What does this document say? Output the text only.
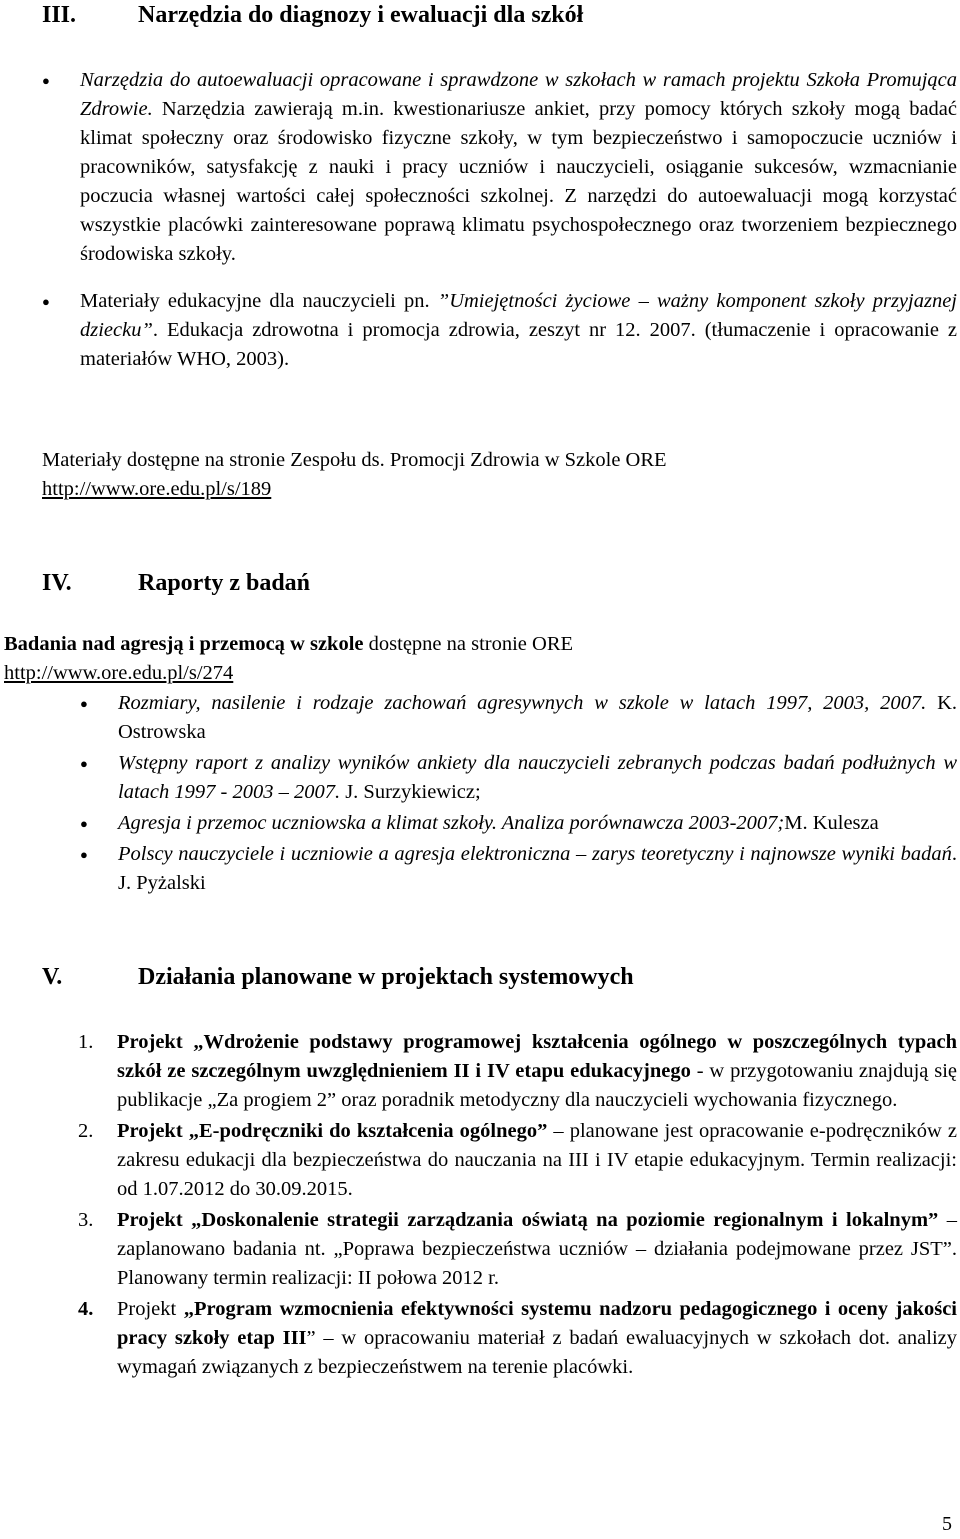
III.	Narzędzia do diagnozy i ewaluacji dla szkół
● Narzędzia do autoewaluacji opracowane i sprawdzone w szkołach w ramach projektu Szkoła Promująca Zdrowie. Narzędzia zawierają m.in. kwestionariusze ankiet, przy pomocy których szkoły mogą badać klimat społeczny oraz środowisko fizyczne szkoły, w tym bezpieczeństwo i samopoczucie uczniów i pracowników, satysfakcję z nauki i pracy uczniów i nauczycieli, osiąganie sukcesów, wzmacnianie poczucia własnej wartości całej społeczności szkolnej. Z narzędzi do autoewaluacji mogą korzystać wszystkie placówki zainteresowane poprawą klimatu psychospołecznego oraz tworzeniem bezpiecznego środowiska szkoły.
● Materiały edukacyjne dla nauczycieli pn. ”Umiejętności życiowe – ważny komponent szkoły przyjaznej dziecku”. Edukacja zdrowotna i promocja zdrowia, zeszyt nr 12. 2007. (tłumaczenie i opracowanie z materiałów WHO, 2003).

Materiały dostępne na stronie Zespołu ds. Promocji Zdrowia w Szkole ORE
http://www.ore.edu.pl/s/189

IV.	Raporty z badań

Badania nad agresją i przemocą w szkole dostępne na stronie ORE
http://www.ore.edu.pl/s/274

● Rozmiary, nasilenie i rodzaje zachowań agresywnych w szkole w latach 1997, 2003, 2007. K. Ostrowska
● Wstępny raport z analizy wyników ankiety dla nauczycieli zebranych podczas badań podłużnych w latach 1997 - 2003 – 2007. J. Surzykiewicz;
● Agresja i przemoc uczniowska a klimat szkoły. Analiza porównawcza 2003-2007;M. Kulesza
● Polscy nauczyciele i uczniowie a agresja elektroniczna – zarys teoretyczny i najnowsze wyniki badań. J. Pyżalski
V.	Działania planowane w projektach systemowych
1. Projekt „Wdrożenie podstawy programowej kształcenia ogólnego w poszczególnych typach szkół ze szczególnym uwzględnieniem II i IV etapu edukacyjnego - w przygotowaniu znajdują się publikacje „Za progiem 2” oraz poradnik metodyczny dla nauczycieli wychowania fizycznego.
2. Projekt „E-podręczniki do kształcenia ogólnego” – planowane jest opracowanie e-podręczników z zakresu edukacji dla bezpieczeństwa do nauczania na III i IV etapie edukacyjnym. Termin realizacji: od 1.07.2012 do 30.09.2015.
3. Projekt „Doskonalenie strategii zarządzania oświatą na poziomie regionalnym i lokalnym” – zaplanowano badania nt. „Poprawa bezpieczeństwa uczniów – działania podejmowane przez JST”. Planowany termin realizacji: II połowa 2012 r.
4. Projekt „Program wzmocnienia efektywności systemu nadzoru pedagogicznego i oceny jakości pracy szkoły etap III” – w opracowaniu materiał z badań ewaluacyjnych w szkołach dot. analizy wymagań związanych z bezpieczeństwem na terenie placówki.
5
